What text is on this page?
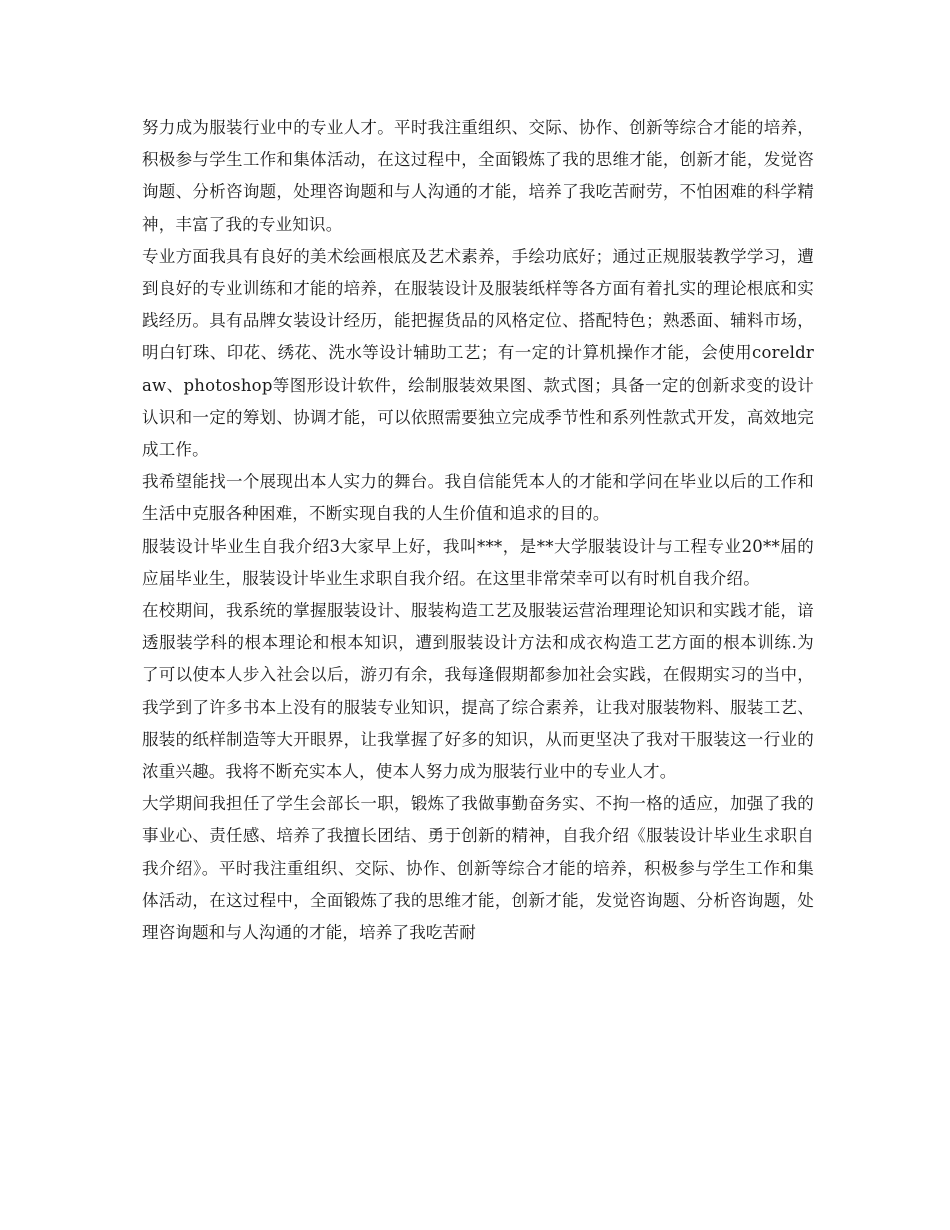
努力成为服装行业中的专业人才。平时我注重组织、交际、协作、创新等综合才能的培养，积极参与学生工作和集体活动，在这过程中，全面锻炼了我的思维才能，创新才能，发觉咨询题、分析咨询题，处理咨询题和与人沟通的才能，培养了我吃苦耐劳，不怕困难的科学精神，丰富了我的专业知识。

专业方面我具有良好的美术绘画根底及艺术素养，手绘功底好；通过正规服装教学学习，遭到良好的专业训练和才能的培养，在服装设计及服装纸样等各方面有着扎实的理论根底和实践经历。具有品牌女装设计经历，能把握货品的风格定位、搭配特色；熟悉面、辅料市场，明白钉珠、印花、绣花、洗水等设计辅助工艺；有一定的计算机操作才能，会使用coreldraw、photoshop等图形设计软件，绘制服装效果图、款式图；具备一定的创新求变的设计认识和一定的筹划、协调才能，可以依照需要独立完成季节性和系列性款式开发，高效地完成工作。

我希望能找一个展现出本人实力的舞台。我自信能凭本人的才能和学问在毕业以后的工作和生活中克服各种困难，不断实现自我的人生价值和追求的目的。

服装设计毕业生自我介绍3大家早上好，我叫***，是**大学服装设计与工程专业20**届的应届毕业生，服装设计毕业生求职自我介绍。在这里非常荣幸可以有时机自我介绍。

在校期间，我系统的掌握服装设计、服装构造工艺及服装运营治理理论知识和实践才能，谙透服装学科的根本理论和根本知识，遭到服装设计方法和成衣构造工艺方面的根本训练.为了可以使本人步入社会以后，游刃有余，我每逢假期都参加社会实践，在假期实习的当中，我学到了许多书本上没有的服装专业知识，提高了综合素养，让我对服装物料、服装工艺、服装的纸样制造等大开眼界，让我掌握了好多的知识，从而更坚决了我对干服装这一行业的浓重兴趣。我将不断充实本人，使本人努力成为服装行业中的专业人才。

大学期间我担任了学生会部长一职，锻炼了我做事勤奋务实、不拘一格的适应，加强了我的事业心、责任感、培养了我擅长团结、勇于创新的精神，自我介绍《服装设计毕业生求职自我介绍》。平时我注重组织、交际、协作、创新等综合才能的培养，积极参与学生工作和集体活动，在这过程中，全面锻炼了我的思维才能，创新才能，发觉咨询题、分析咨询题，处理咨询题和与人沟通的才能，培养了我吃苦耐
